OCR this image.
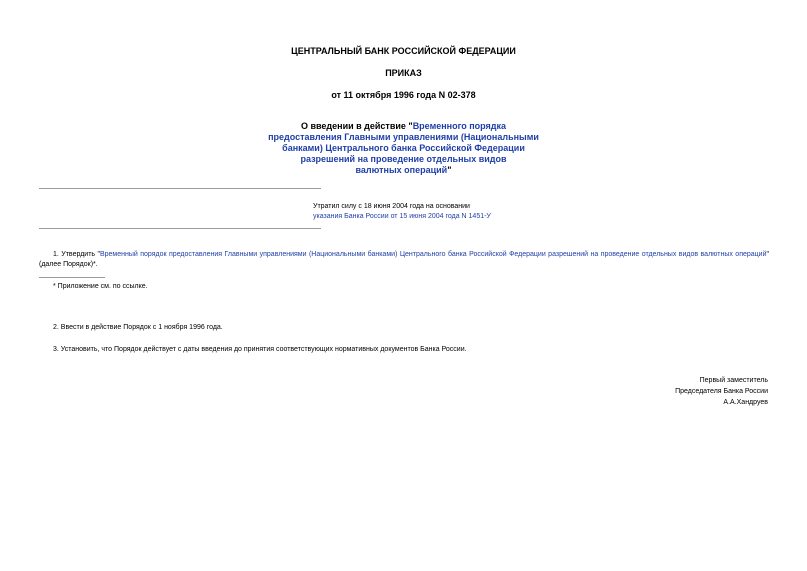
ЦЕНТРАЛЬНЫЙ БАНК РОССИЙСКОЙ ФЕДЕРАЦИИ
ПРИКАЗ
от 11 октября 1996 года N 02-378
О введении в действие "Временного порядка
предоставления Главными управлениями (Национальными
банками) Центрального банка Российской Федерации
разрешений на проведение отдельных видов
валютных операций"
Утратил силу с 18 июня 2004 года на основании
указания Банка России от 15 июня 2004 года N 1451-У
1. Утвердить "Временный порядок предоставления Главными управлениями (Национальными банками) Центрального банка Российской Федерации разрешений на проведение отдельных видов валютных операций" (далее Порядок)*.
* Приложение см. по ссылке.
2. Ввести в действие Порядок с 1 ноября 1996 года.
3. Установить, что Порядок действует с даты введения до принятия соответствующих нормативных документов Банка России.
Первый заместитель
Председателя Банка России
А.А.Хандруев
